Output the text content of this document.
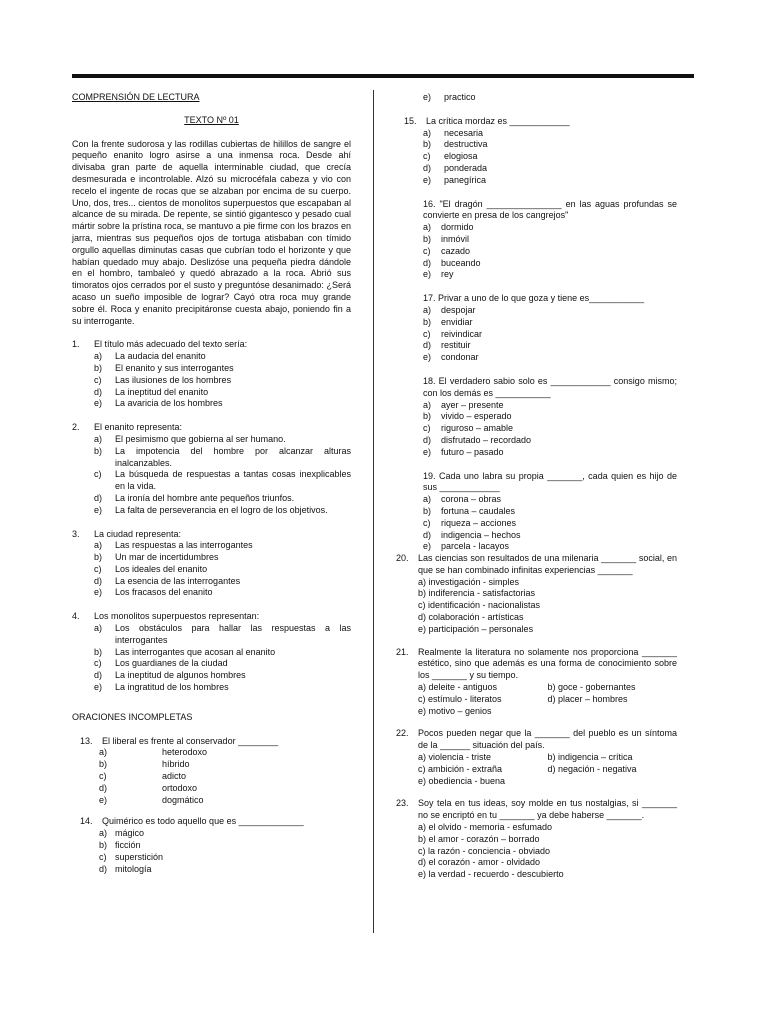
COMPRENSIÓN DE LECTURA
TEXTO Nº 01
Con la frente sudorosa y las rodillas cubiertas de hilillos de sangre el pequeño enanito logro asirse a una inmensa roca. Desde ahí divisaba gran parte de aquella interminable ciudad, que crecía desmesurada e incontrolable. Alzó su microcéfala cabeza y vio con recelo el ingente de rocas que se alzaban por encima de su cuerpo. Uno, dos, tres... cientos de monolitos superpuestos que escapaban al alcance de su mirada. De repente, se sintió gigantesco y pesado cual mártir sobre la prístina roca, se mantuvo a pie firme con los brazos en jarra, mientras sus pequeños ojos de tortuga atisbaban con tímido orgullo aquellas diminutas casas que cubrían todo el horizonte y que habían quedado muy abajo. Deslizóse una pequeña piedra dándole en el hombro, tambaleó y quedó abrazado a la roca. Abrió sus timoratos ojos cerrados por el susto y preguntóse desanimado: ¿Será acaso un sueño imposible de lograr? Cayó otra roca muy grande sobre él. Roca y enanito precipitáronse cuesta abajo, poniendo fin a su interrogante.
1.	El título más adecuado del texto sería:
a)	La audacia del enanito
b)	El enanito y sus interrogantes
c)	Las ilusiones de los hombres
d)	La ineptitud del enanito
e)	La avaricia de los hombres
2.	El enanito representa:
a)	El pesimismo que gobierna al ser humano.
b)	La impotencia del hombre por alcanzar alturas inalcanzables.
c)	La búsqueda de respuestas a tantas cosas inexplicables en la vida.
d)	La ironía del hombre ante pequeños triunfos.
e)	La falta de perseverancia en el logro de los objetivos.
3.	La ciudad representa:
a)	Las respuestas a las interrogantes
b)	Un mar de incertidumbres
c)	Los ideales del enanito
d)	La esencia de las interrogantes
e)	Los fracasos del enanito
4.	Los monolitos superpuestos representan:
a)	Los obstáculos para hallar las respuestas a las interrogantes
b)	Las interrogantes que acosan al enanito
c)	Los guardianes de la ciudad
d)	La ineptitud de algunos hombres
e)	La ingratitud de los hombres
ORACIONES INCOMPLETAS
13.	El liberal es frente al conservador ________
a)	heterodoxo
b)	híbrido
c)	adicto
d)	ortodoxo
e)	dogmático
14.	Quimérico es todo aquello que es _____________
a) mágico
b) ficción
c) superstición
d) mitología
e)	practico
15.	La crítica mordaz es ____________
a)	necesaria
b)	destructiva
c)	elogiosa
d)	ponderada
e)	panegírica
16. "El dragón _______________ en las aguas profundas se convierte en presa de los cangrejos"
a)	dormido
b)	inmóvil
c)	cazado
d)	buceando
e)	rey
17. Privar a uno de lo que goza y tiene es___________
a)	despojar
b)	envidiar
c)	reivindicar
d)	restituir
e)	condonar
18. El verdadero sabio solo es ____________ consigo mismo; con los demás es ___________
a)	ayer – presente
b)	vivido – esperado
c)	riguroso – amable
d)	disfrutado – recordado
e)	futuro – pasado
19. Cada uno labra su propia _______, cada quien es hijo de sus ____________
a)	corona – obras
b)	fortuna – caudales
c)	riqueza – acciones
d)	indigencia – hechos
e)	parcela - lacayos
20.	Las ciencias son resultados de una milenaria _______ social, en que se han combinado infinitas experiencias _______
a) investigación - simples
b) indiferencia - satisfactorias
c) identificación - nacionalistas
d) colaboración - artísticas
e) participación – personales
21.	Realmente la literatura no solamente nos proporciona _______ estético, sino que además es una forma de conocimiento sobre los _______ y su tiempo.
a) deleite - antiguos	b) goce - gobernantes
c) estímulo - literatos	d) placer – hombres
e) motivo – genios
22.	Pocos pueden negar que la _______ del pueblo es un síntoma de la ______ situación del país.
a) violencia - triste	b) indigencia – crítica
c) ambición - extraña	d) negación - negativa
e) obediencia - buena
23.	Soy tela en tus ideas, soy molde en tus nostalgias, si _______ no se encriptó en tu _______ ya debe haberse _______.
a) el olvido - memoria - esfumado
b) el amor - corazón – borrado
c) la razón - conciencia - obviado
d) el corazón - amor - olvidado
e) la verdad - recuerdo - descubierto
